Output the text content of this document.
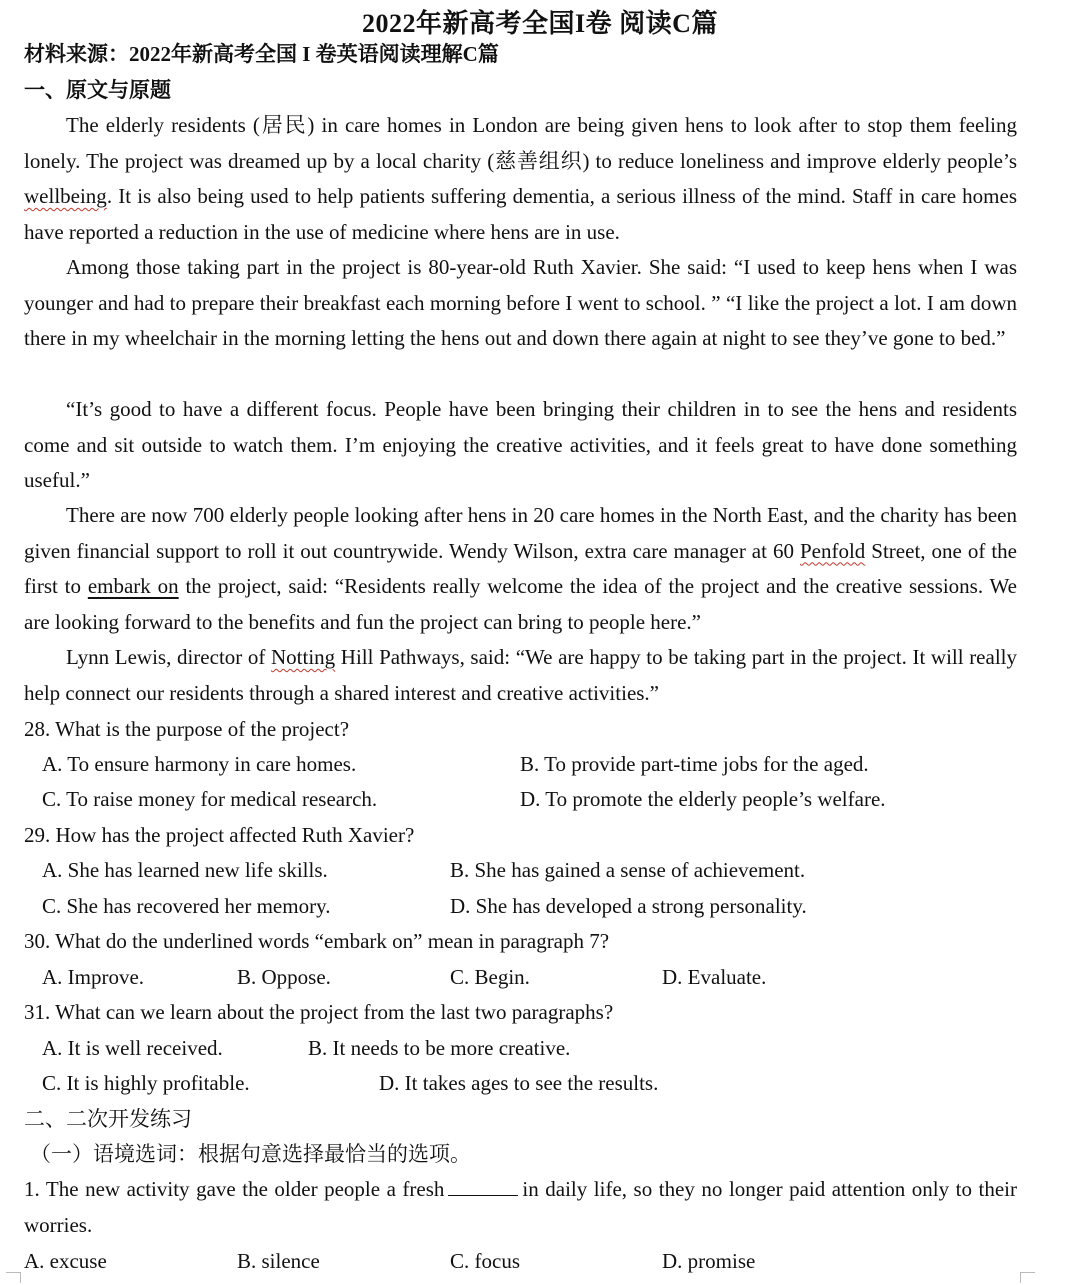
2022年新高考全国I卷 阅读C篇
材料来源：2022年新高考全国 I 卷英语阅读理解C篇
一、原文与原题
The elderly residents (居民) in care homes in London are being given hens to look after to stop them feeling lonely. The project was dreamed up by a local charity (慈善组织) to reduce loneliness and improve elderly people’s wellbeing. It is also being used to help patients suffering dementia, a serious illness of the mind. Staff in care homes have reported a reduction in the use of medicine where hens are in use.
Among those taking part in the project is 80-year-old Ruth Xavier. She said: “I used to keep hens when I was younger and had to prepare their breakfast each morning before I went to school. ” “I like the project a lot. I am down there in my wheelchair in the morning letting the hens out and down there again at night to see they’ve gone to bed.”
“It’s good to have a different focus. People have been bringing their children in to see the hens and residents come and sit outside to watch them. I’m enjoying the creative activities, and it feels great to have done something useful.”
There are now 700 elderly people looking after hens in 20 care homes in the North East, and the charity has been given financial support to roll it out countrywide. Wendy Wilson, extra care manager at 60 Penfold Street, one of the first to embark on the project, said: “Residents really welcome the idea of the project and the creative sessions. We are looking forward to the benefits and fun the project can bring to people here.”
Lynn Lewis, director of Notting Hill Pathways, said: “We are happy to be taking part in the project. It will really help connect our residents through a shared interest and creative activities.”
28. What is the purpose of the project?
A. To ensure harmony in care homes.	B. To provide part-time jobs for the aged.
C. To raise money for medical research.	D. To promote the elderly people’s welfare.
29. How has the project affected Ruth Xavier?
A. She has learned new life skills.	B. She has gained a sense of achievement.
C. She has recovered her memory.	D. She has developed a strong personality.
30. What do the underlined words “embark on” mean in paragraph 7?
A. Improve.	B. Oppose.	C. Begin.	D. Evaluate.
31. What can we learn about the project from the last two paragraphs?
A. It is well received.	B. It needs to be more creative.
C. It is highly profitable.	D. It takes ages to see the results.
二、二次开发练习
（一）语境选词：根据句意选择最恰当的选项。
1. The new activity gave the older people a fresh	in daily life, so they no longer paid attention only to their worries.
A. excuse	B. silence	C. focus	D. promise
